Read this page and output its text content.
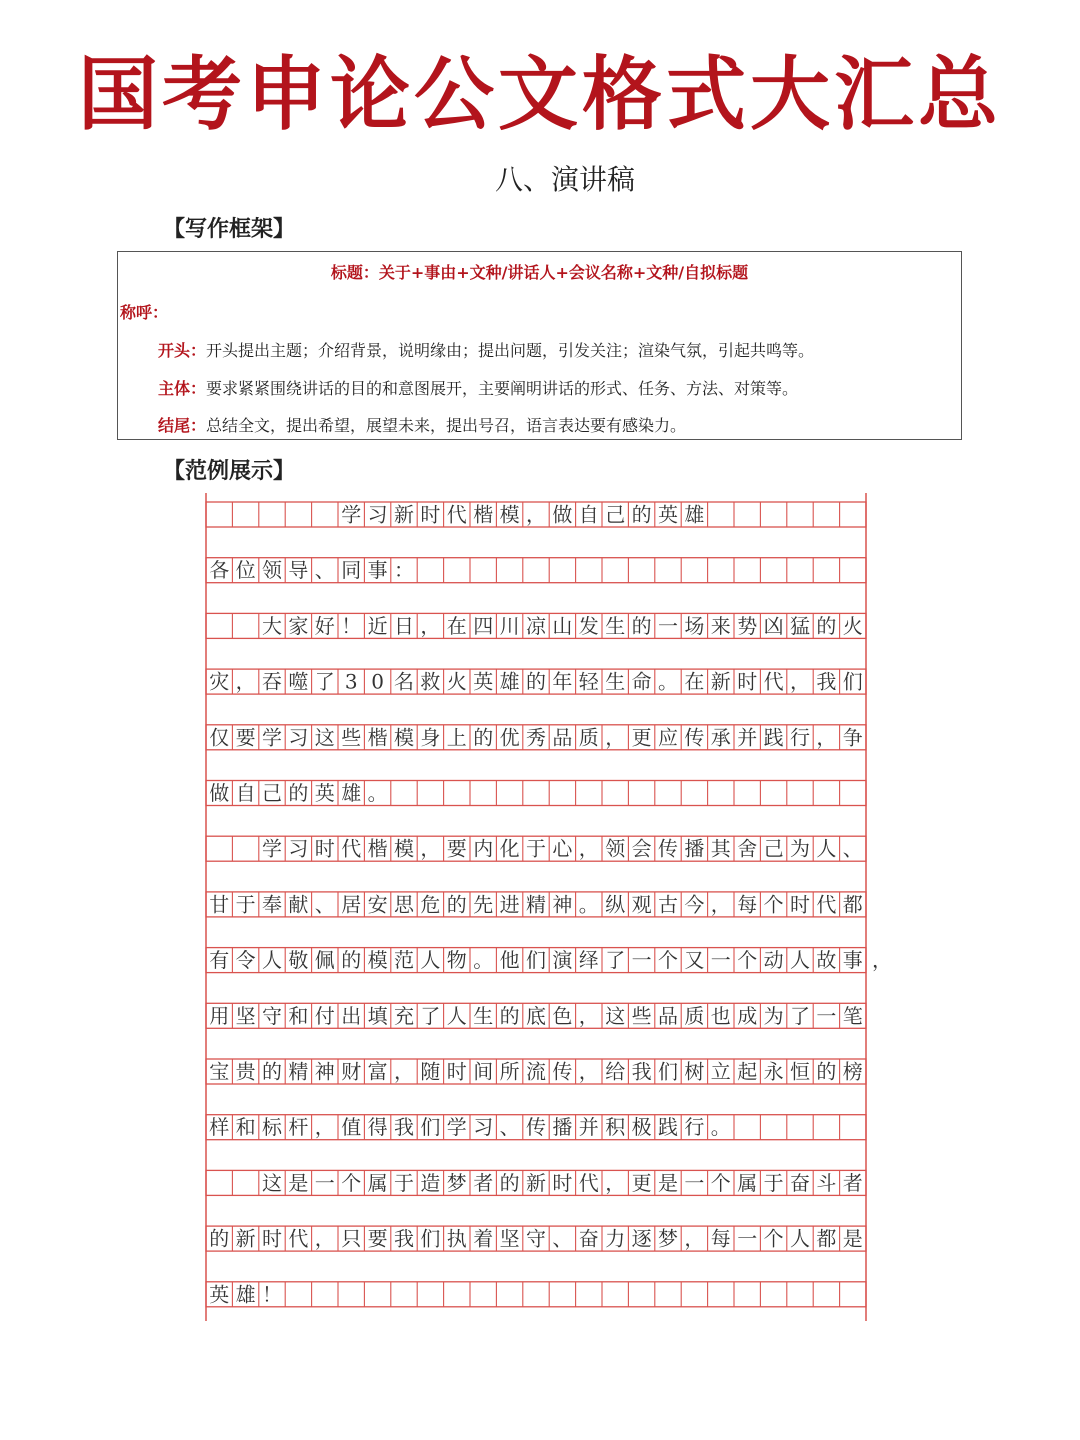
国考申论公文格式大汇总
八、演讲稿
【写作框架】
标题：关于+事由+文种/讲话人+会议名称+文种/自拟标题
称呼：
开头：开头提出主题；介绍背景，说明缘由；提出问题，引发关注；渲染气氛，引起共鸣等。
主体：要求紧紧围绕讲话的目的和意图展开，主要阐明讲话的形式、任务、方法、对策等。
结尾：总结全文，提出希望，展望未来，提出号召，语言表达要有感染力。
【范例展示】
学 习 新 时 代 楷 模 ， 做 自 己 的 英 雄
各 位 领 导 、 同 事 ：
大 家 好 ！ 近 日 ， 在 四 川 凉 山 发 生 的 一 场 来 势 凶 猛 的 火
灾 ， 吞 噬 了 3 0 名 救 火 英 雄 的 年 轻 生 命 。 在 新 时 代 ， 我 们
仅 要 学 习 这 些 楷 模 身 上 的 优 秀 品 质 ， 更 应 传 承 并 践 行 ， 争
做 自 己 的 英 雄 。
学 习 时 代 楷 模 ， 要 内 化 于 心 ， 领 会 传 播 其 舍 己 为 人 、
甘 于 奉 献 、 居 安 思 危 的 先 进 精 神 。 纵 观 古 今 ， 每 个 时 代 都
有 令 人 敬 佩 的 模 范 人 物 。 他 们 演 绎 了 一 个 又 一 个 动 人 故 事 ，
用 坚 守 和 付 出 填 充 了 人 生 的 底 色 ， 这 些 品 质 也 成 为 了 一 笔
宝 贵 的 精 神 财 富 ， 随 时 间 所 流 传 ， 给 我 们 树 立 起 永 恒 的 榜
样 和 标 杆 ， 值 得 我 们 学 习 、 传 播 并 积 极 践 行 。
这 是 一 个 属 于 造 梦 者 的 新 时 代 ， 更 是 一 个 属 于 奋 斗 者
的 新 时 代 ， 只 要 我 们 执 着 坚 守 、 奋 力 逐 梦 ， 每 一 个 人 都 是
英 雄 ！
